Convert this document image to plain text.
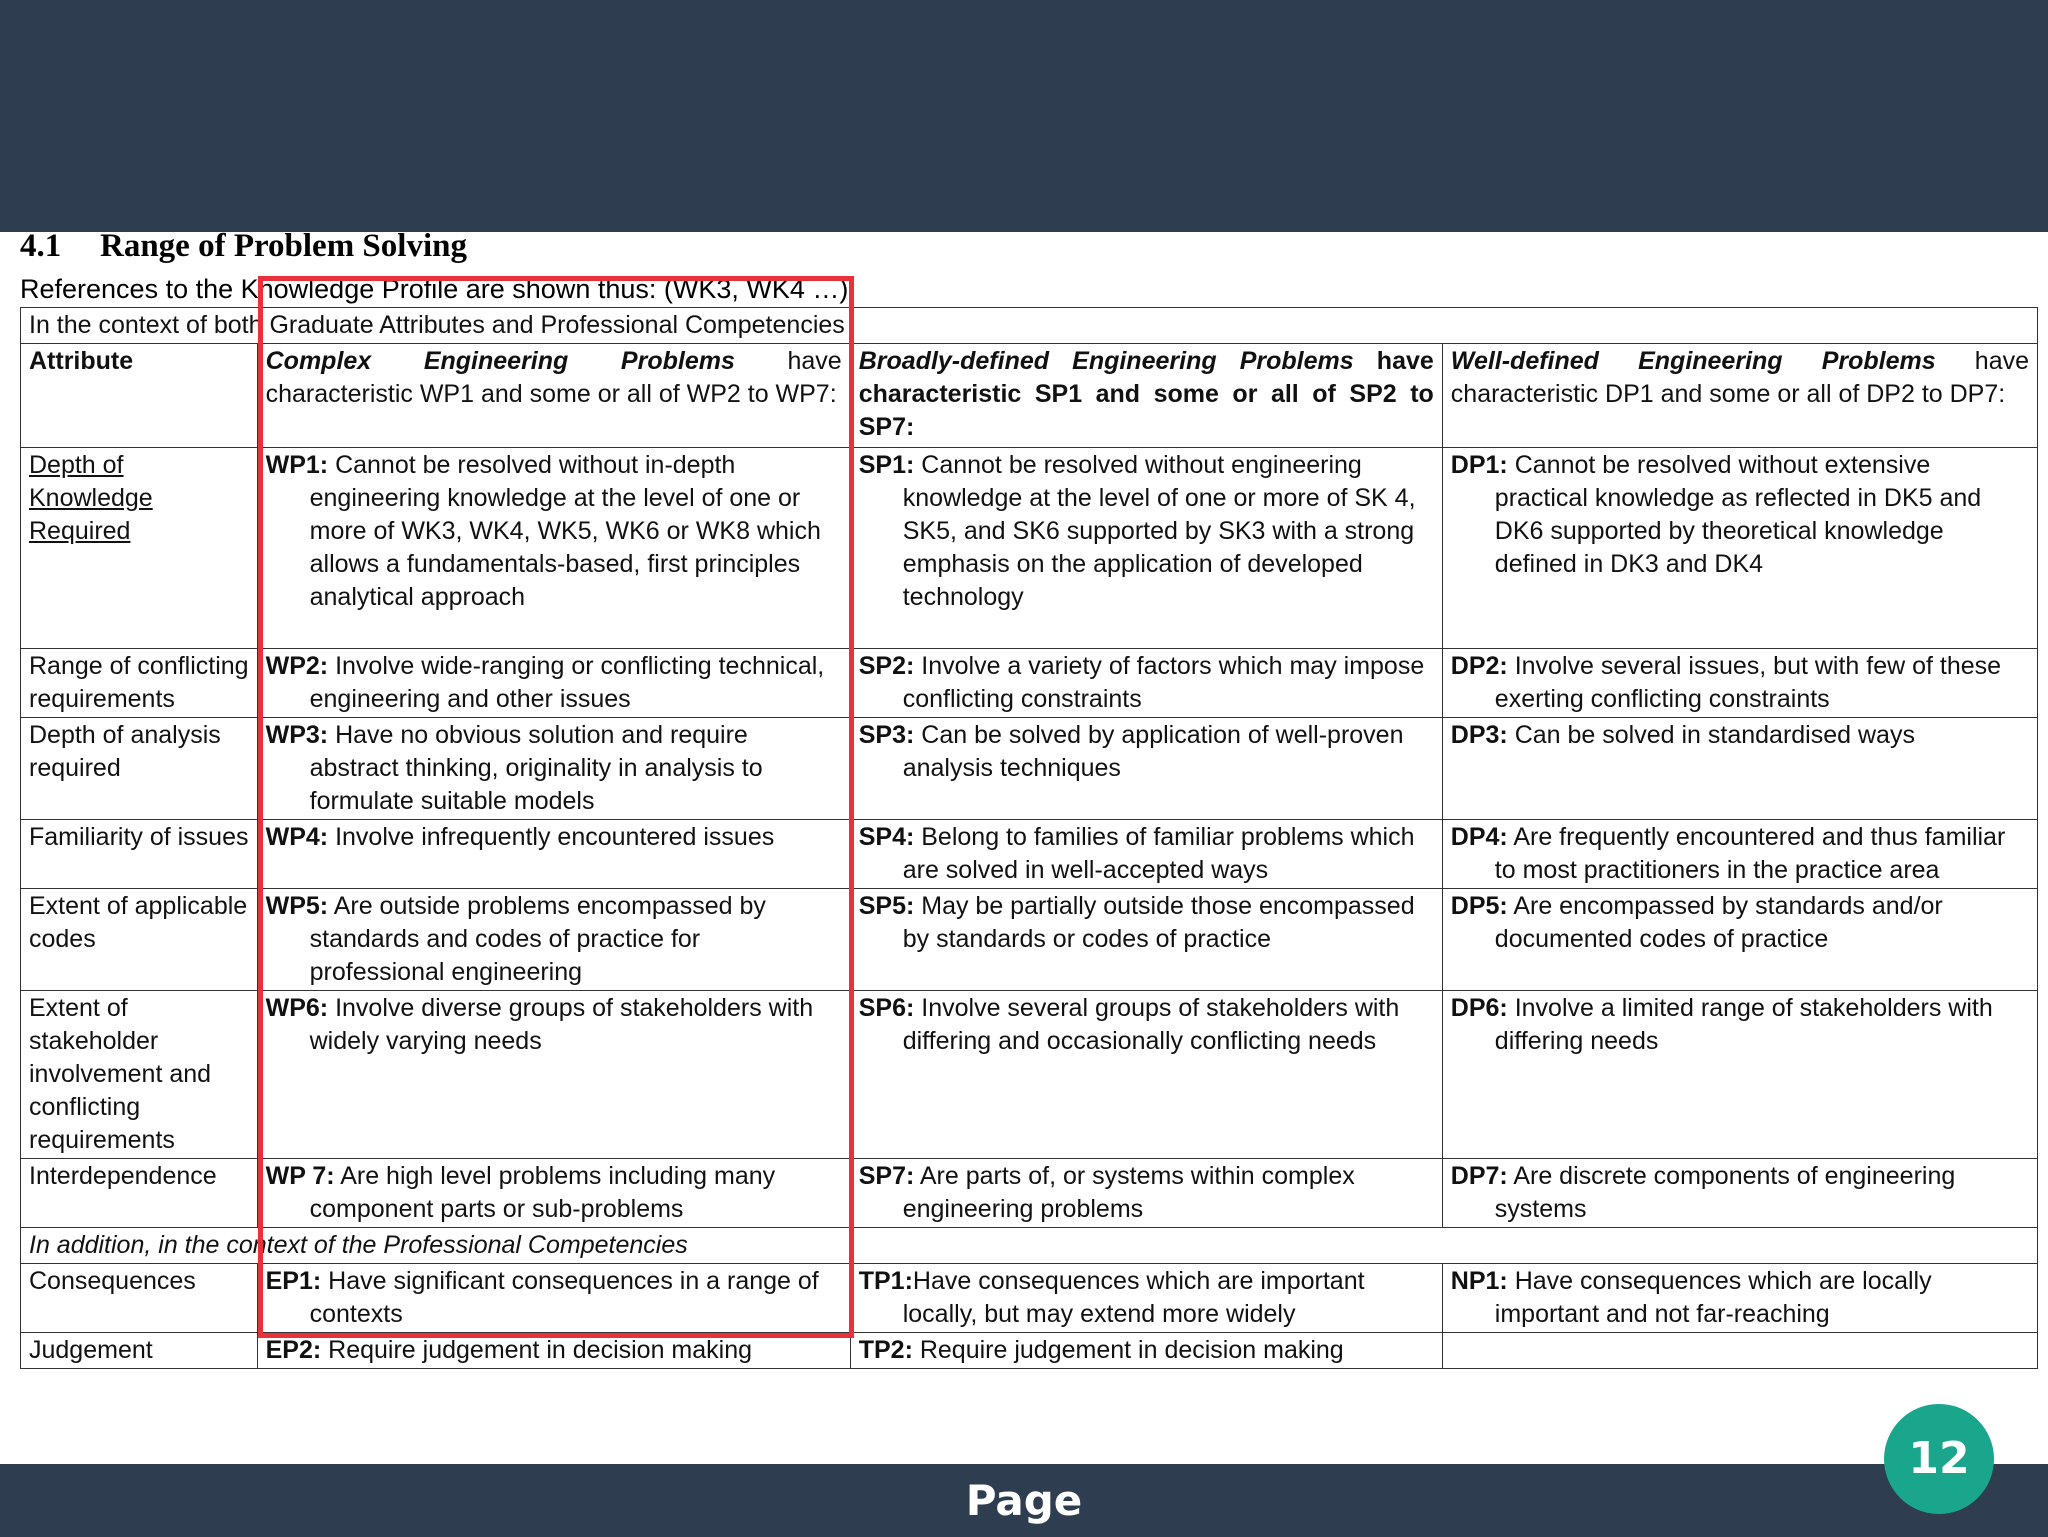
4.1 Range of Problem Solving
References to the Knowledge Profile are shown thus: (WK3, WK4 …)
In the context of both Graduate Attributes and Professional Competencies			
Attribute	Complex Engineering Problems have characteristic WP1 and some or all of WP2 to WP7:	Broadly-defined Engineering Problems have characteristic SP1 and some or all of SP2 to SP7:	Well-defined Engineering Problems have characteristic DP1 and some or all of DP2 to DP7:
Depth of Knowledge Required	WP1: Cannot be resolved without in-depth engineering knowledge at the level of one or more of WK3, WK4, WK5, WK6 or WK8 which allows a fundamentals-based, first principles analytical approach	SP1: Cannot be resolved without engineering knowledge at the level of one or more of SK 4, SK5, and SK6 supported by SK3 with a strong emphasis on the application of developed technology	DP1: Cannot be resolved without extensive practical knowledge as reflected in DK5 and DK6 supported by theoretical knowledge defined in DK3 and DK4

Range of conflicting requirements	WP2: Involve wide-ranging or conflicting technical, engineering and other issues	SP2: Involve a variety of factors which may impose conflicting constraints	DP2: Involve several issues, but with few of these exerting conflicting constraints

Depth of analysis required	WP3: Have no obvious solution and require abstract thinking, originality in analysis to formulate suitable models	SP3: Can be solved by application of well-proven analysis techniques	DP3: Can be solved in standardised ways

Familiarity of issues	WP4: Involve infrequently encountered issues	SP4: Belong to families of familiar problems which are solved in well-accepted ways	DP4: Are frequently encountered and thus familiar to most practitioners in the practice area

Extent of applicable codes	WP5: Are outside problems encompassed by standards and codes of practice for professional engineering	SP5: May be partially outside those encompassed by standards or codes of practice	DP5: Are encompassed by standards and/or documented codes of practice

Extent of stakeholder involvement and conflicting requirements	WP6: Involve diverse groups of stakeholders with widely varying needs	SP6: Involve several groups of stakeholders with differing and occasionally conflicting needs	DP6: Involve a limited range of stakeholders with differing needs

Interdependence	WP 7: Are high level problems including many component parts or sub-problems	SP7: Are parts of, or systems within complex engineering problems	DP7: Are discrete components of engineering systems

In addition, in the context of the Professional Competencies			
Consequences	EP1: Have significant consequences in a range of contexts	TP1:Have consequences which are important locally, but may extend more widely	NP1: Have consequences which are locally important and not far-reaching

Judgement	EP2: Require judgement in decision making	TP2: Require judgement in decision making	

Page
12
